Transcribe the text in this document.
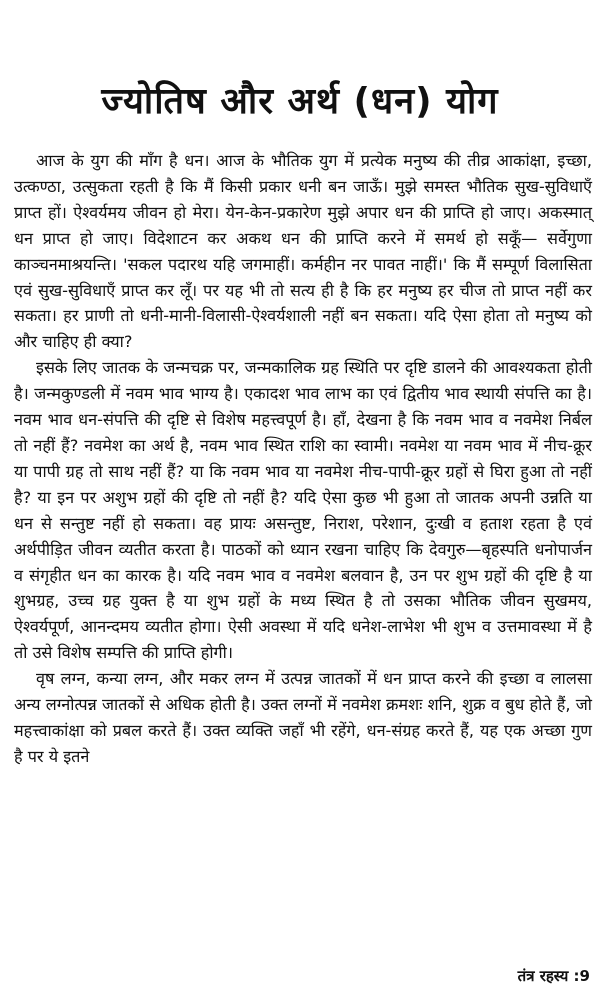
ज्योतिष और अर्थ (धन) योग

आज के युग की माँग है धन। आज के भौतिक युग में प्रत्येक मनुष्य की तीव्र आकांक्षा, इच्छा, उत्कण्ठा, उत्सुकता रहती है कि मैं किसी प्रकार धनी बन जाऊँ। मुझे समस्त भौतिक सुख-सुविधाएँ प्राप्त हों। ऐश्वर्यमय जीवन हो मेरा। येन-केन-प्रकारेण मुझे अपार धन की प्राप्ति हो जाए। अकस्मात् धन प्राप्त हो जाए। विदेशाटन कर अकथ धन की प्राप्ति करने में समर्थ हो सकूँ— सर्वेगुणा काञ्चनमाश्रयन्ति। 'सकल पदारथ यहि जगमाहीं। कर्महीन नर पावत नाहीं।' कि मैं सम्पूर्ण विलासिता एवं सुख-सुविधाएँ प्राप्त कर लूँ। पर यह भी तो सत्य ही है कि हर मनुष्य हर चीज तो प्राप्त नहीं कर सकता। हर प्राणी तो धनी-मानी-विलासी-ऐश्वर्यशाली नहीं बन सकता। यदि ऐसा होता तो मनुष्य को और चाहिए ही क्या?

इसके लिए जातक के जन्मचक्र पर, जन्मकालिक ग्रह स्थिति पर दृष्टि डालने की आवश्यकता होती है। जन्मकुण्डली में नवम भाव भाग्य है। एकादश भाव लाभ का एवं द्वितीय भाव स्थायी संपत्ति का है। नवम भाव धन-संपत्ति की दृष्टि से विशेष महत्त्वपूर्ण है। हाँ, देखना है कि नवम भाव व नवमेश निर्बल तो नहीं हैं? नवमेश का अर्थ है, नवम भाव स्थित राशि का स्वामी। नवमेश या नवम भाव में नीच-क्रूर या पापी ग्रह तो साथ नहीं हैं? या कि नवम भाव या नवमेश नीच-पापी-क्रूर ग्रहों से घिरा हुआ तो नहीं है? या इन पर अशुभ ग्रहों की दृष्टि तो नहीं है? यदि ऐसा कुछ भी हुआ तो जातक अपनी उन्नति या धन से सन्तुष्ट नहीं हो सकता। वह प्रायः असन्तुष्ट, निराश, परेशान, दुःखी व हताश रहता है एवं अर्थपीड़ित जीवन व्यतीत करता है। पाठकों को ध्यान रखना चाहिए कि देवगुरु—बृहस्पति धनोपार्जन व संगृहीत धन का कारक है। यदि नवम भाव व नवमेश बलवान है, उन पर शुभ ग्रहों की दृष्टि है या शुभग्रह, उच्च ग्रह युक्त है या शुभ ग्रहों के मध्य स्थित है तो उसका भौतिक जीवन सुखमय, ऐश्वर्यपूर्ण, आनन्दमय व्यतीत होगा। ऐसी अवस्था में यदि धनेश-लाभेश भी शुभ व उत्तमावस्था में है तो उसे विशेष सम्पत्ति की प्राप्ति होगी।

वृष लग्न, कन्या लग्न, और मकर लग्न में उत्पन्न जातकों में धन प्राप्त करने की इच्छा व लालसा अन्य लग्नोत्पन्न जातकों से अधिक होती है। उक्त लग्नों में नवमेश क्रमशः शनि, शुक्र व बुध होते हैं, जो महत्त्वाकांक्षा को प्रबल करते हैं। उक्त व्यक्ति जहाँ भी रहेंगे, धन-संग्रह करते हैं, यह एक अच्छा गुण है पर ये इतने

तंत्र रहस्य :9
